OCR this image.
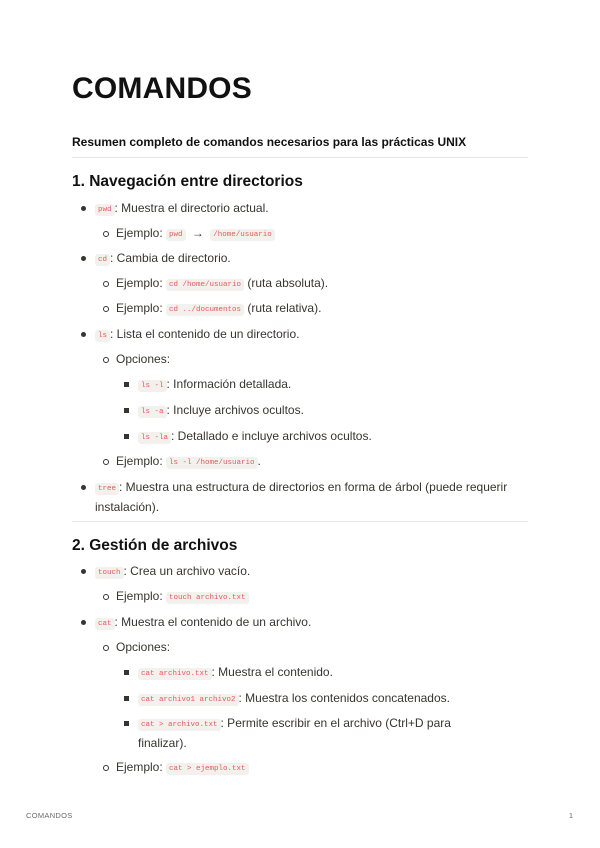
COMANDOS

Resumen completo de comandos necesarios para las prácticas UNIX

1. Navegación entre directorios
pwd : Muestra el directorio actual.
Ejemplo: pwd → /home/usuario
cd : Cambia de directorio.
Ejemplo: cd /home/usuario (ruta absoluta).
Ejemplo: cd ../documentos (ruta relativa).
ls : Lista el contenido de un directorio.
Opciones:
ls -l : Información detallada.
ls -a : Incluye archivos ocultos.
ls -la : Detallado e incluye archivos ocultos.
Ejemplo: ls -l /home/usuario .
tree : Muestra una estructura de directorios en forma de árbol (puede requerir instalación).
2. Gestión de archivos
touch : Crea un archivo vacío.
Ejemplo: touch archivo.txt
cat : Muestra el contenido de un archivo.
Opciones:
cat archivo.txt : Muestra el contenido.
cat archivo1 archivo2 : Muestra los contenidos concatenados.
cat > archivo.txt : Permite escribir en el archivo (Ctrl+D para finalizar).
Ejemplo: cat > ejemplo.txt
COMANDOS	1
